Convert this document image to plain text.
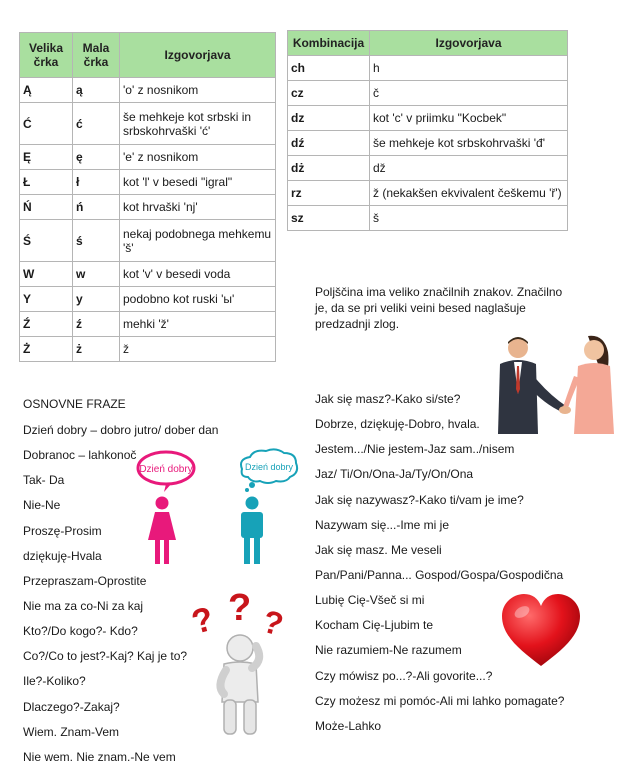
Velika črka	Mala črka	Izgovorjava
Ą	ą	'o' z nosnikom
Ć	ć	še mehkeje kot srbski in srbskohrvaški 'ć'
Ę	ę	'e' z nosnikom
Ł	ł	kot 'l' v besedi "igral"
Ń	ń	kot hrvaški 'nj'
Ś	ś	nekaj podobnega mehkemu 'š'
W	w	kot 'v' v besedi voda
Y	y	podobno kot ruski 'ы'
Ź	ź	mehki 'ž'
Ż	ż	ž
Kombinacija	Izgovorjava
ch	h
cz	č
dz	kot 'c' v priimku "Kocbek"
dź	še mehkeje kot srbskohrvaški 'đ'
dż	dž
rz	ž (nekakšen ekvivalent češkemu 'ř')
sz	š
Poljščina ima veliko značilnih znakov. Značilno je, da se pri veliki veini besed naglašuje predzadnji zlog.
OSNOVNE FRAZE
Dzień dobry – dobro jutro/ dober dan
Dobranoc – lahkonoč
Tak- Da
Nie-Ne
Proszę-Prosim
dziękuję-Hvala
Przepraszam-Oprostite
Nie ma za co-Ni za kaj
Kto?/Do kogo?- Kdo?
Co?/Co to jest?-Kaj? Kaj je to?
Ile?-Koliko?
Dlaczego?-Zakaj?
Wiem. Znam-Vem
Nie wem. Nie znam.-Ne vem
Jak się masz?-Kako si/ste?
Dobrze, dziękuję-Dobro, hvala.
Jestem.../Nie jestem-Jaz sam../nisem
Jaz/ Ti/On/Ona-Ja/Ty/On/Ona
Jak się nazywasz?-Kako ti/vam je ime?
Nazywam się...-Ime mi je
Jak się masz. Me veseli
Pan/Pani/Panna... Gospod/Gospa/Gospodična
Lubię Cię-Všeč si mi
Kocham Cię-Ljubim te
Nie razumiem-Ne razumem
Czy mówisz po...?-Ali govorite...?
Czy możesz mi pomóc-Ali mi lahko pomagate?
Może-Lahko
Dzień dobry	Dzień dobry
? ? ?
